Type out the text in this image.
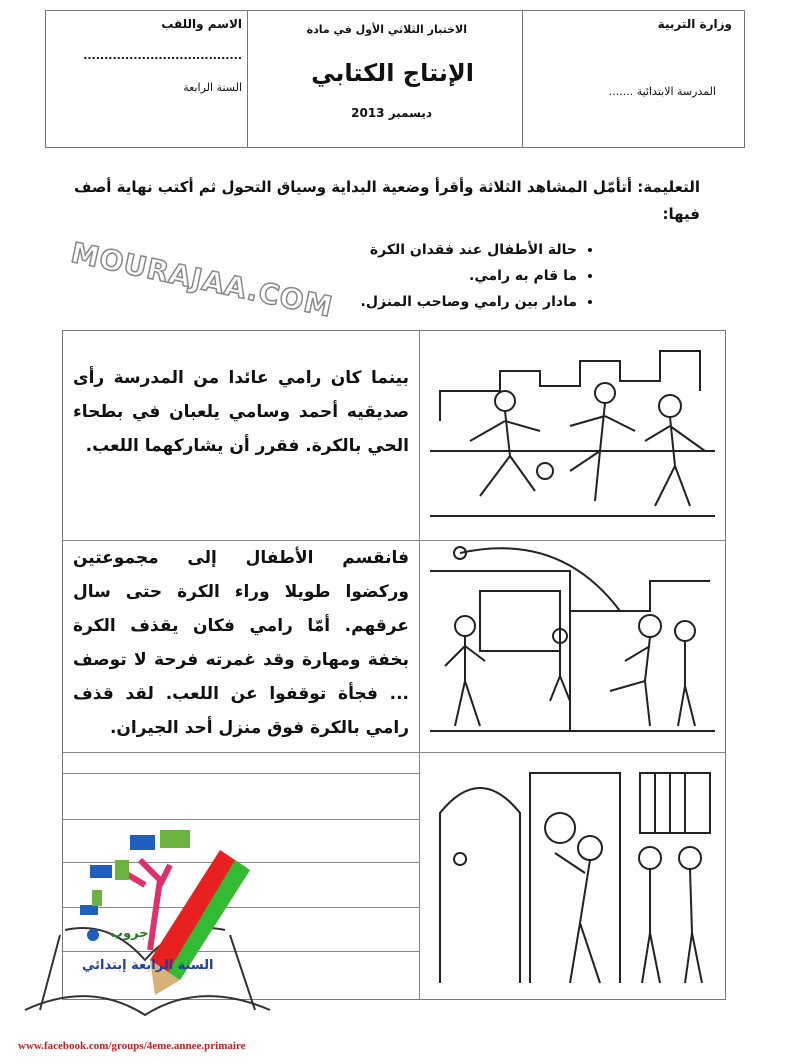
وزارة التربية
المدرسة الابتدائية .......
الاختبار الثلاثي الأول في مادة
الإنتاج الكتابي
ديسمبر 2013
الاسم واللقب
......................................
السنة الرابعة
التعليمة: أتأمّل المشاهد الثلاثة وأقرأ وضعية البداية وسياق التحول ثم أكتب نهاية أصف فيها:
• حالة الأطفال عند فقدان الكرة
• ما قام به رامي.
• مادار بين رامي وصاحب المنزل.
بينما كان رامي عائدا من المدرسة رأى صديقيه أحمد وسامي يلعبان في بطحاء الحي بالكرة. فقرر أن يشاركهما اللعب.
فانقسم الأطفال إلى مجموعتين وركضوا طويلا وراء الكرة حتى سال عرقهم. أمّا رامي فكان يقذف الكرة بخفة ومهارة وقد غمرته فرحة لا توصف ... فجأة توقفوا عن اللعب. لقد قذف رامي بالكرة فوق منزل أحد الجيران.
MOURAJAA.COM
جروب
السنة الرابعة إبتدائي
www.facebook.com/groups/4eme.annee.primaire
